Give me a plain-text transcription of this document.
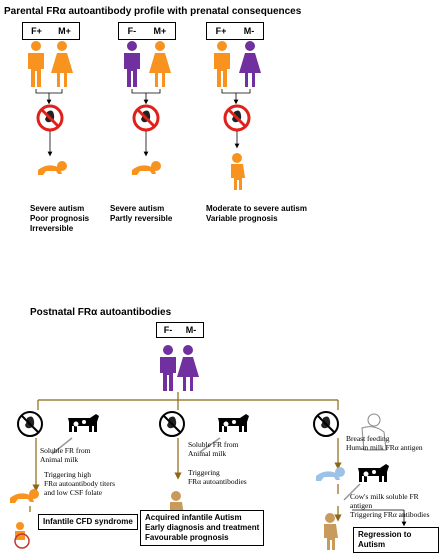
Parental FRα autoantibody profile with prenatal consequences
F+ M+	F- M+	F+ M-
Severe autism
Poor prognosis
Irreversible
Severe autism
Partly reversible
Moderate to severe autism
Variable prognosis
Postnatal FRα autoantibodies
F- M-
Soluble FR from
Animal milk
Triggering high
FRα autoantibody titers
and low CSF folate
Infantile CFD syndrome
Soluble FR from
Animal milk
Triggering
FRα autoantibodies
Acquired infantile Autism
Early diagnosis and treatment
Favourable prognosis
Breast feeding
Human milk FRα antigen
Cow's milk soluble FR antigen
Triggering FRα antibodies
Regression to Autism
